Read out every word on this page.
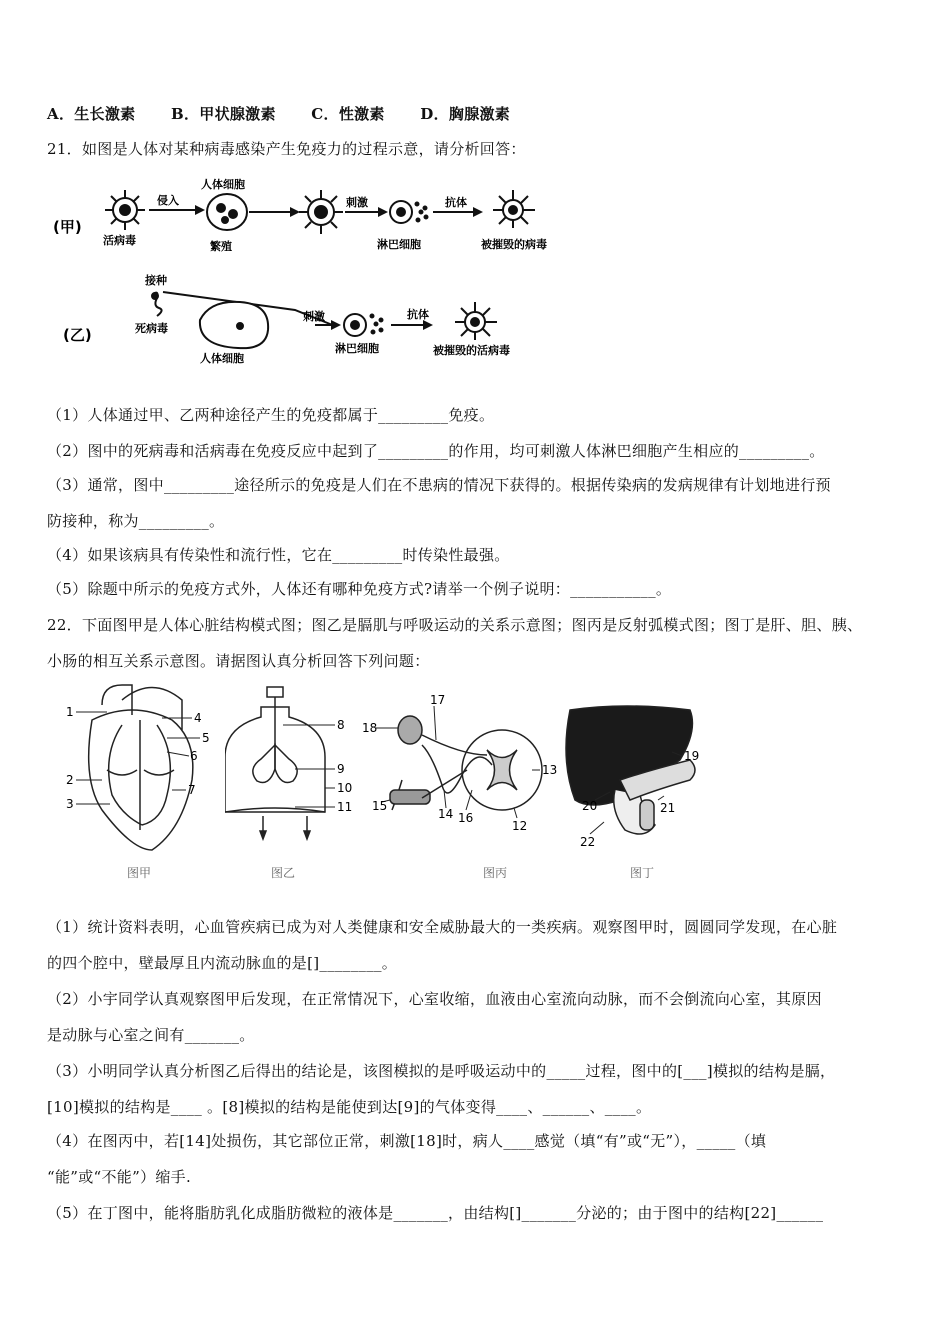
A．生长激素 B．甲状腺激素 C．性激素 D．胸腺激素
21．如图是人体对某种病毒感染产生免疫力的过程示意，请分析回答：
(甲)
活病毒
侵入
人体细胞
繁殖
刺激
淋巴细胞
抗体
被摧毁的病毒
接种
死病毒
(乙)
人体细胞
刺激
淋巴细胞
抗体
被摧毁的活病毒
（1）人体通过甲、乙两种途径产生的免疫都属于_________免疫。
（2）图中的死病毒和活病毒在免疫反应中起到了_________的作用，均可刺激人体淋巴细胞产生相应的_________。
（3）通常，图中_________途径所示的免疫是人们在不患病的情况下获得的。根据传染病的发病规律有计划地进行预
防接种，称为_________。
（4）如果该病具有传染性和流行性，它在_________时传染性最强。
（5）除题中所示的免疫方式外，人体还有哪种免疫方式?请举一个例子说明：___________。
22．下面图甲是人体心脏结构模式图；图乙是膈肌与呼吸运动的关系示意图；图丙是反射弧模式图；图丁是肝、胆、胰、
小肠的相互关系示意图。请据图认真分析回答下列问题：
1
2
3
4
5
6
7
图甲
8
9
10
11
图乙
18
17
13
12
16
14
15
图丙
19
20	21
22
图丁
（1）统计资料表明，心血管疾病已成为对人类健康和安全威胁最大的一类疾病。观察图甲时，圆圆同学发现，在心脏
的四个腔中，壁最厚且内流动脉血的是[]________。
（2）小宇同学认真观察图甲后发现，在正常情况下，心室收缩，血液由心室流向动脉，而不会倒流向心室，其原因
是动脉与心室之间有_______。
（3）小明同学认真分析图乙后得出的结论是，该图模拟的是呼吸运动中的_____过程，图中的[___]模拟的结构是膈，
[10]模拟的结构是____ 。[8]模拟的结构是能使到达[9]的气体变得____、______、____。
（4）在图丙中，若[14]处损伤，其它部位正常，刺激[18]时，病人____感觉（填“有”或“无”），_____（填
“能”或“不能”）缩手.
（5）在丁图中，能将脂肪乳化成脂肪微粒的液体是_______，由结构[]_______分泌的；由于图中的结构[22]______
